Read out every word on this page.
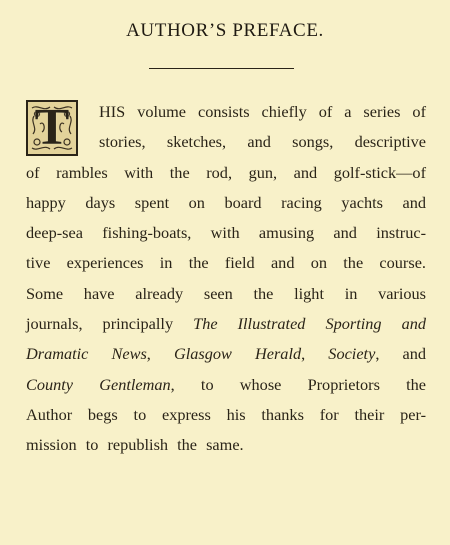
AUTHOR’S PREFACE.
T	HIS volume consists chiefly of a series of
stories, sketches, and songs, descriptive
of rambles with the rod, gun, and golf-stick—of
happy days spent on board racing yachts and
deep-sea fishing-boats, with amusing and instruc-
tive experiences in the field and on the course.
Some have already seen the light in various
journals, principally The Illustrated Sporting and
Dramatic News, Glasgow Herald, Society, and
County Gentleman, to whose Proprietors the
Author begs to express his thanks for their per-
mission to republish the same.
